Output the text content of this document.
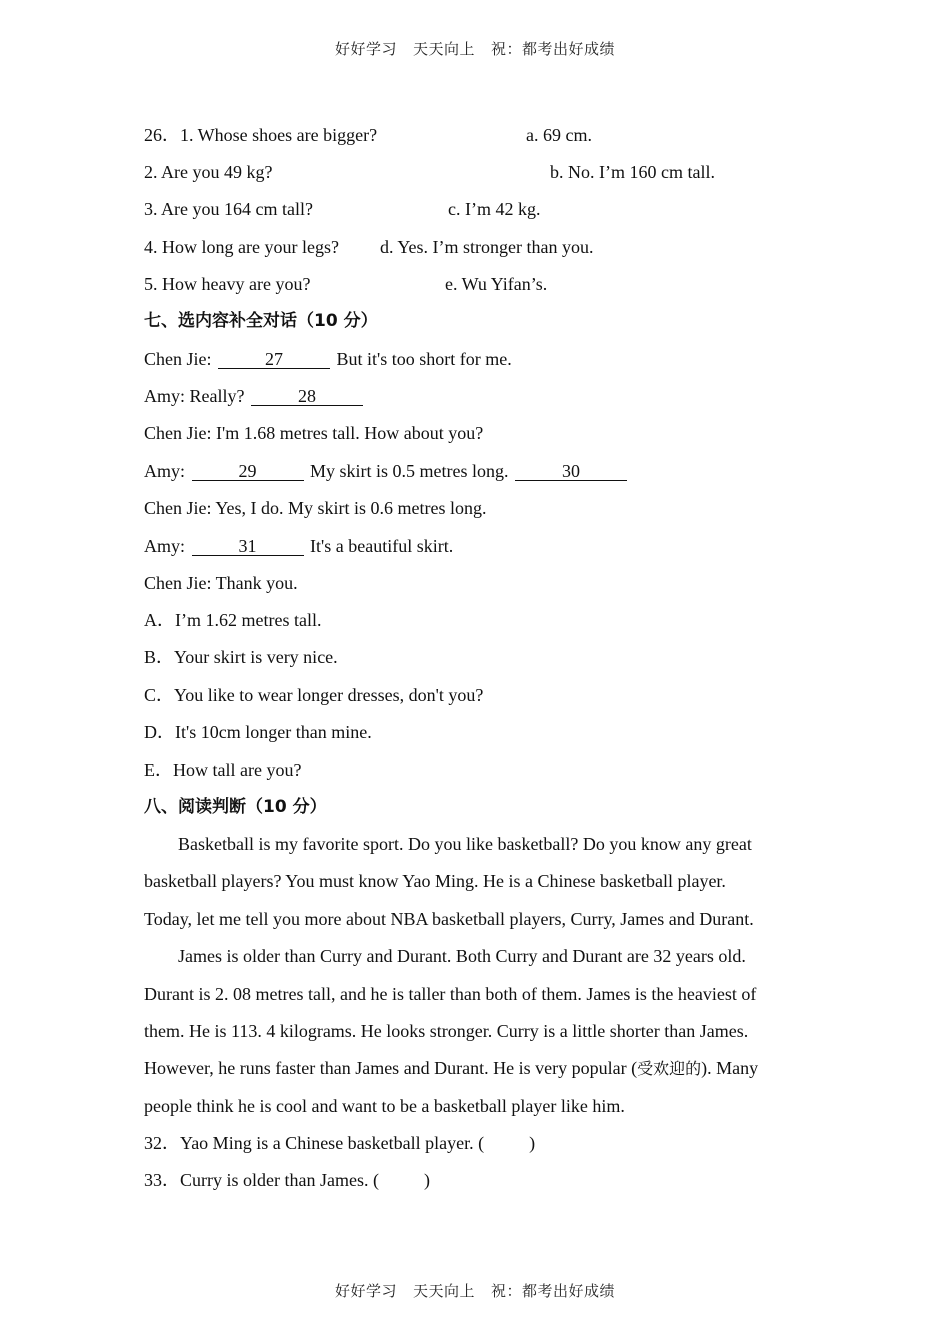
好好学习 天天向上 祝：都考出好成绩
26．1. Whose shoes are bigger?	a. 69 cm.
2. Are you 49 kg?	b. No. I’m 160 cm tall.
3. Are you 164 cm tall?	c. I’m 42 kg.
4. How long are your legs? d. Yes. I’m stronger than you.
5. How heavy are you?	e. Wu Yifan’s.
七、选内容补全对话（10 分）
Chen Jie:	27	But it's too short for me.
Amy: Really?	28
Chen Jie: I'm 1.68 metres tall. How about you?
Amy:	29	My skirt is 0.5 metres long.	30
Chen Jie: Yes, I do. My skirt is 0.6 metres long.
Amy:	31	It's a beautiful skirt.
Chen Jie: Thank you.
A．I’m 1.62 metres tall.
B．Your skirt is very nice.
C．You like to wear longer dresses, don't you?
D．It's 10cm longer than mine.
E．How tall are you?
八、阅读判断（10 分）
Basketball is my favorite sport. Do you like basketball? Do you know any great
basketball players? You must know Yao Ming. He is a Chinese basketball player.
Today, let me tell you more about NBA basketball players, Curry, James and Durant.
James is older than Curry and Durant. Both Curry and Durant are 32 years old.
Durant is 2. 08 metres tall, and he is taller than both of them. James is the heaviest of
them. He is 113. 4 kilograms. He looks stronger. Curry is a little shorter than James.
However, he runs faster than James and Durant. He is very popular (受欢迎的). Many
people think he is cool and want to be a basketball player like him.
32．Yao Ming is a Chinese basketball player. (          )
33．Curry is older than James. (          )
好好学习 天天向上 祝：都考出好成绩
